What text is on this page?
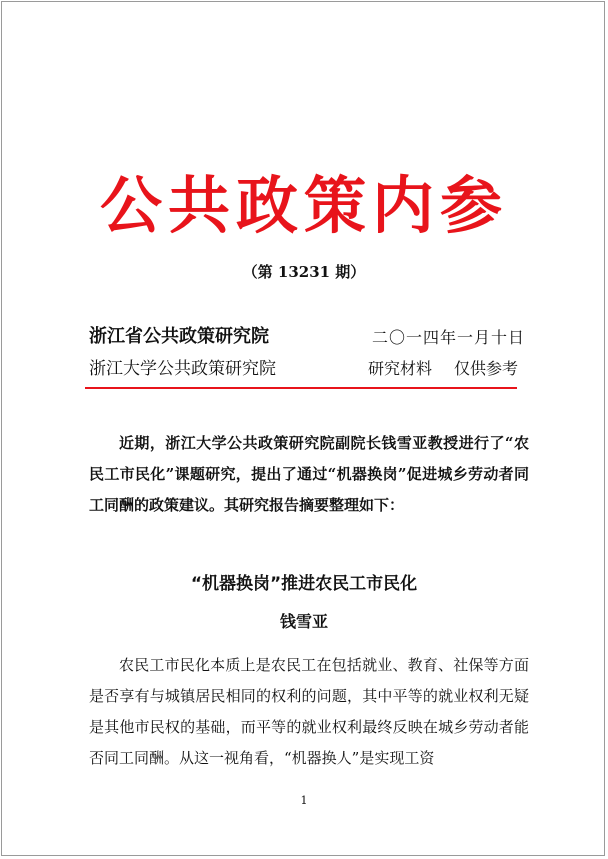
公共政策内参
（第 13231 期）
浙江省公共政策研究院	二〇一四年一月十日
浙江大学公共政策研究院	研究材料 仅供参考
近期，浙江大学公共政策研究院副院长钱雪亚教授进行了“农民工市民化”课题研究，提出了通过“机器换岗”促进城乡劳动者同工同酬的政策建议。其研究报告摘要整理如下：
“机器换岗”推进农民工市民化
钱雪亚
农民工市民化本质上是农民工在包括就业、教育、社保等方面是否享有与城镇居民相同的权利的问题，其中平等的就业权利无疑是其他市民权的基础，而平等的就业权利最终反映在城乡劳动者能否同工同酬。从这一视角看，“机器换人”是实现工资
1
